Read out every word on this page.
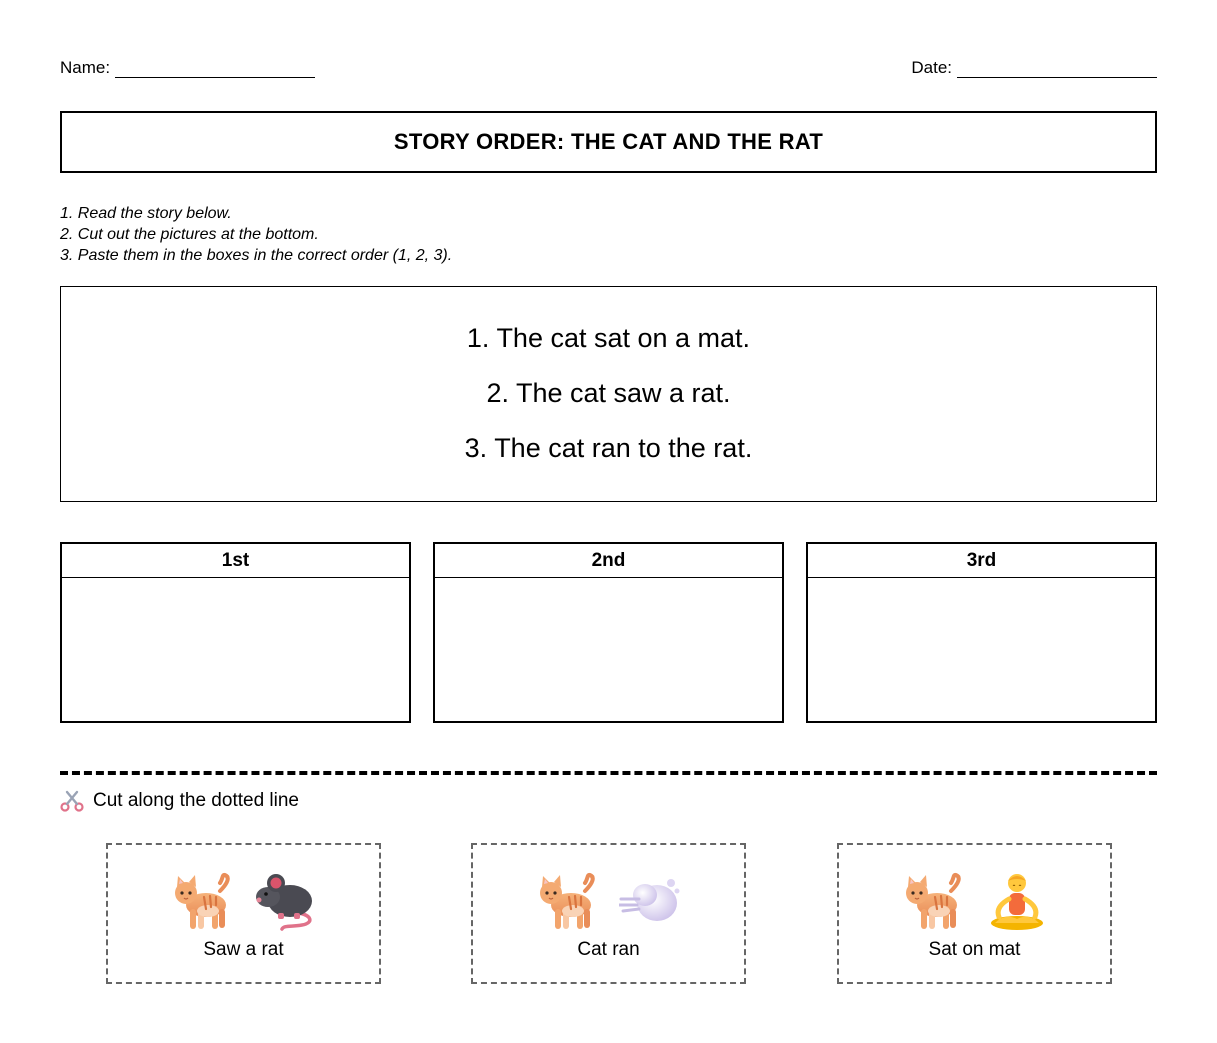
Name:	Date:
STORY ORDER: THE CAT AND THE RAT
1. Read the story below.
2. Cut out the pictures at the bottom.
3. Paste them in the boxes in the correct order (1, 2, 3).
1. The cat sat on a mat.
2. The cat saw a rat.
3. The cat ran to the rat.
1st	2nd	3rd
Cut along the dotted line
Saw a rat	Cat ran	Sat on mat
